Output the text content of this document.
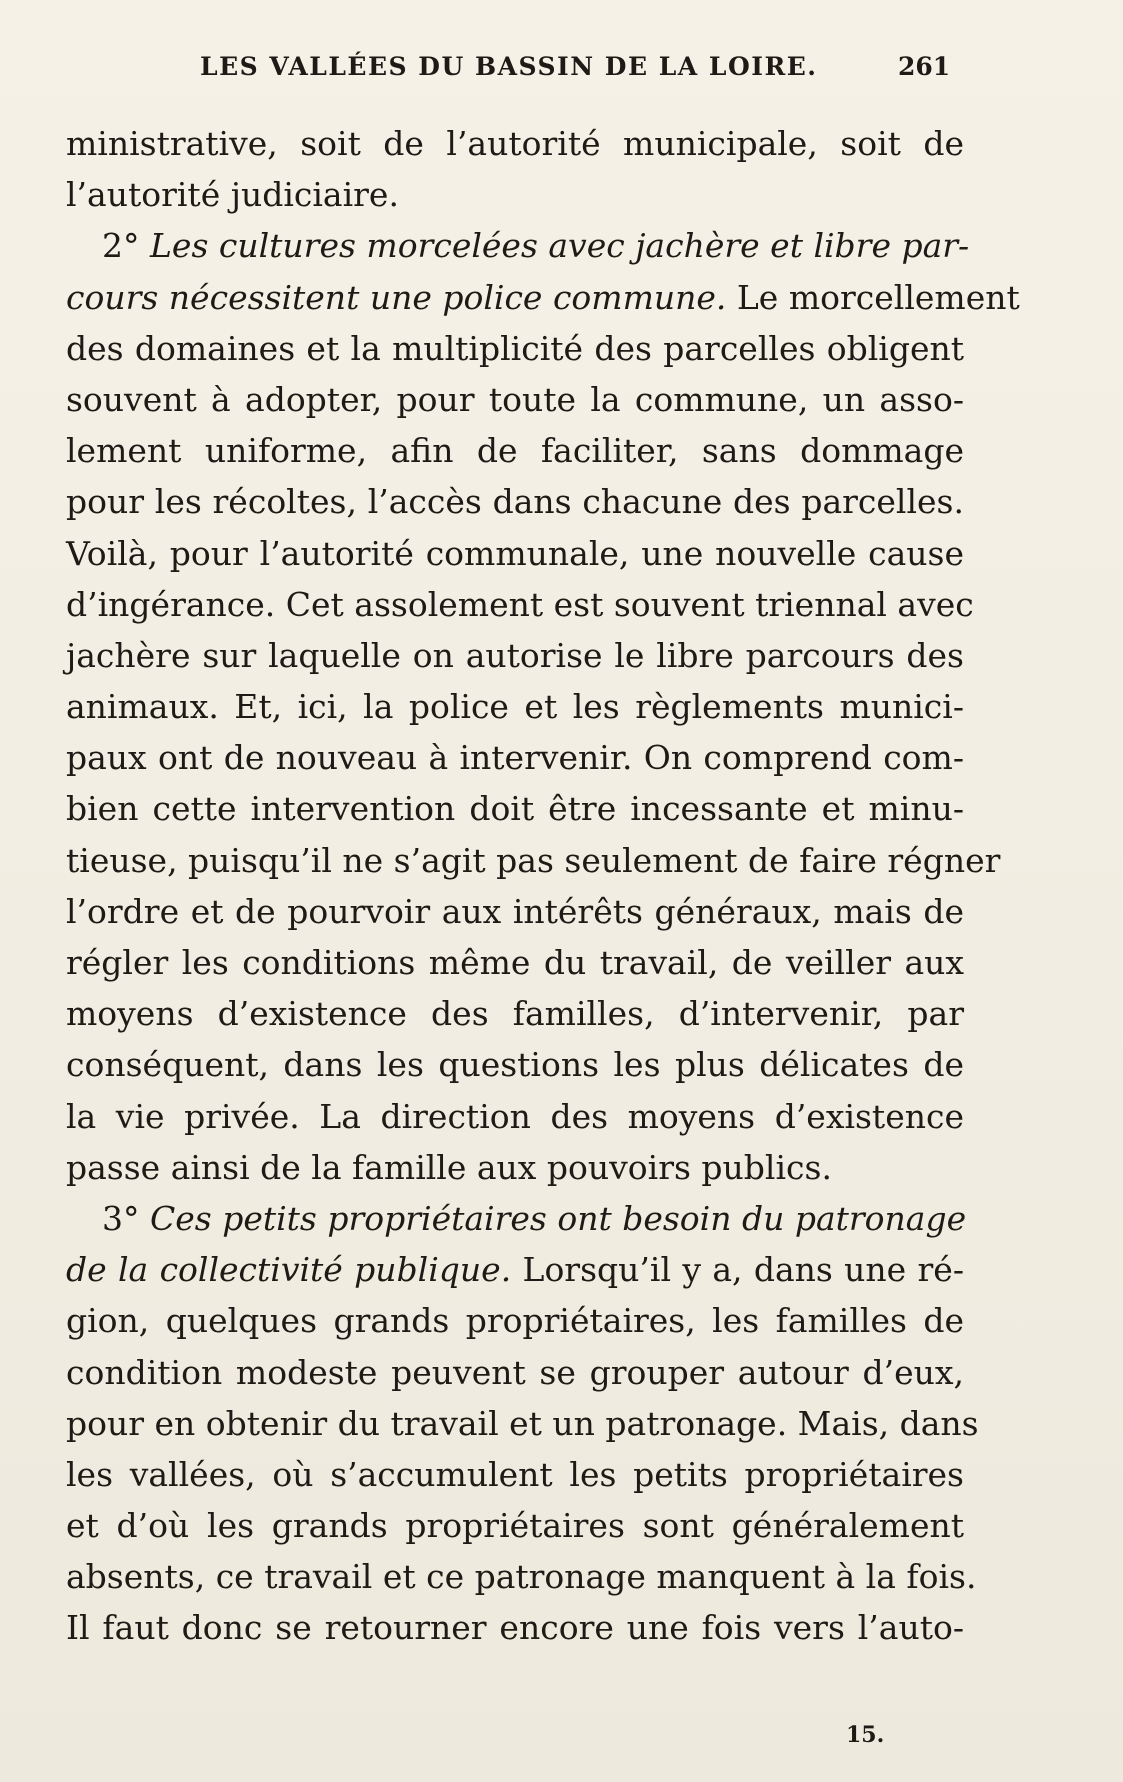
LES VALLÉES DU BASSIN DE LA LOIRE.	261
ministrative, soit de l’autorité municipale, soit de
l’autorité judiciaire.
2° Les cultures morcelées avec jachère et libre par-
cours nécessitent une police commune. Le morcellement
des domaines et la multiplicité des parcelles obligent
souvent à adopter, pour toute la commune, un asso-
lement uniforme, afin de faciliter, sans dommage
pour les récoltes, l’accès dans chacune des parcelles.
Voilà, pour l’autorité communale, une nouvelle cause
d’ingérance. Cet assolement est souvent triennal avec
jachère sur laquelle on autorise le libre parcours des
animaux. Et, ici, la police et les règlements munici-
paux ont de nouveau à intervenir. On comprend com-
bien cette intervention doit être incessante et minu-
tieuse, puisqu’il ne s’agit pas seulement de faire régner
l’ordre et de pourvoir aux intérêts généraux, mais de
régler les conditions même du travail, de veiller aux
moyens d’existence des familles, d’intervenir, par
conséquent, dans les questions les plus délicates de
la vie privée. La direction des moyens d’existence
passe ainsi de la famille aux pouvoirs publics.
3° Ces petits propriétaires ont besoin du patronage
de la collectivité publique. Lorsqu’il y a, dans une ré-
gion, quelques grands propriétaires, les familles de
condition modeste peuvent se grouper autour d’eux,
pour en obtenir du travail et un patronage. Mais, dans
les vallées, où s’accumulent les petits propriétaires
et d’où les grands propriétaires sont généralement
absents, ce travail et ce patronage manquent à la fois.
Il faut donc se retourner encore une fois vers l’auto-
15.
